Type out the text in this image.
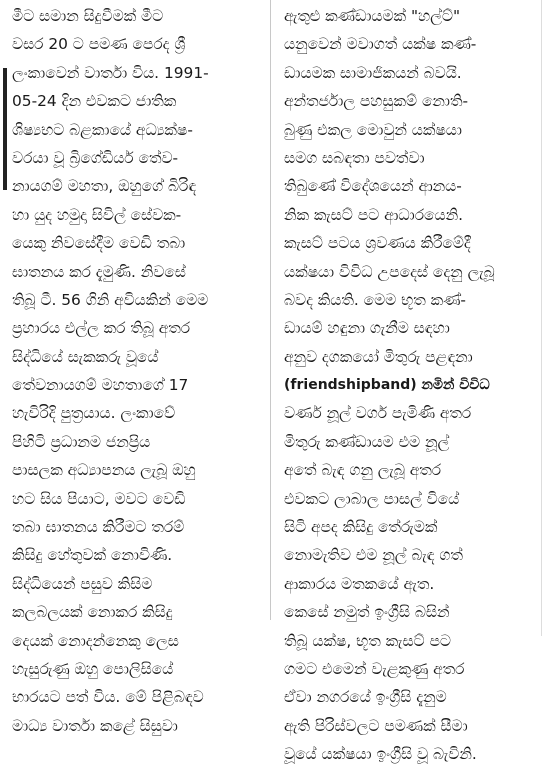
මීට සමාන සිදුවීමක් මීට
වසර 20 ට පමණ පෙරද ශ්‍රී
ලංකාවෙන් වාර්තා විය. 1991-
05-24 දින එවකට ජාතික
ශිෂ්‍යභට බළකායේ අධ්‍යක්ෂ-
වරයා වූ බ්‍රිගේඩියර් තේව-
නායගම් මහතා, ඔහුගේ බිරිඳ
හා යුද හමුදා සිවිල් සේවක-
යෙකු නිවසේදීම වෙඩි තබා
ඝාතනය කර දැමුණි. නිවසේ
තිබූ ටී. 56 ගිනි අවියකින් මෙම
ප්‍රහාරය එල්ල කර තිබූ අතර
සිද්ධියේ සැකකරු වූයේ
තේවනායගම් මහතාගේ 17
හැවිරිදි පුත්‍රයාය. ලංකාවේ
පිහිටි ප්‍රධානම ජනප්‍රිය
පාසලක අධ්‍යාපනය ලැබූ ඔහු
හට සිය පියාට, මවට වෙඩි
තබා ඝාතනය කිරීමට තරම්
කිසිදු හේතුවක් නොවිණි.
සිද්ධියෙන් පසුව කිසිම
කලබලයක් නොකර කිසිදු
දෙයක් නොදන්නෙකු ලෙස
හැසුරුණු ඔහු පොලිසියේ
භාරයට පත් විය. මේ පිළිබඳව
මාධ්‍ය වාර්තා කළේ සිසුවා
ඇතුළු කණ්ඩායමක් "හල්ට්"
යනුවෙන් මවාගත් යක්ෂ කණ්-
ඩායමක සාමාජිකයන් බවයි.
අන්තර්ජාල පහසුකම් නොති-
බුණු එකල මොවුන් යක්ෂයා
සමග සබඳතා පවත්වා
තිබුණේ විදේශයෙන් ආනය-
නික කැසට් පට ආධාරයෙනි.
කැසට් පටය ශ්‍රවණය කිරීමේදී
යක්ෂයා විවිධ උපදෙස් දෙනු ලැබූ
බවද කියති. මෙම භූත කණ්-
ඩායම් හඳුනා ගැනීම සඳහා
අනුව දගකයෝ මිතුරු පළඳනා
(friendshipband) නමින් විවිධ
වර්ණ නූල් වර්ග පැමිණි අතර
මිතුරු කණ්ඩායම එම නූල්
අතේ බැඳ ගනු ලැබූ අතර
එවකට ලාබාල පාසල් වියේ
සිටි අපද කිසිදු තේරුමක්
නොමැතිව එම නූල් බැඳ ගත්
ආකාරය මතකයේ ඇත.
කෙසේ නමුත් ඉංග්‍රීසි බසින්
තිබූ යක්ෂ, භූත කැසට් පට
ගමට එමෙන් වැළකුණු අතර
ඒවා නගරයේ ඉංග්‍රීසි දැනුම
ඇති පිරිස්වලට පමණක් සීමා
වූයේ යක්ෂයා ඉංග්‍රීසි වූ බැවිනි.
